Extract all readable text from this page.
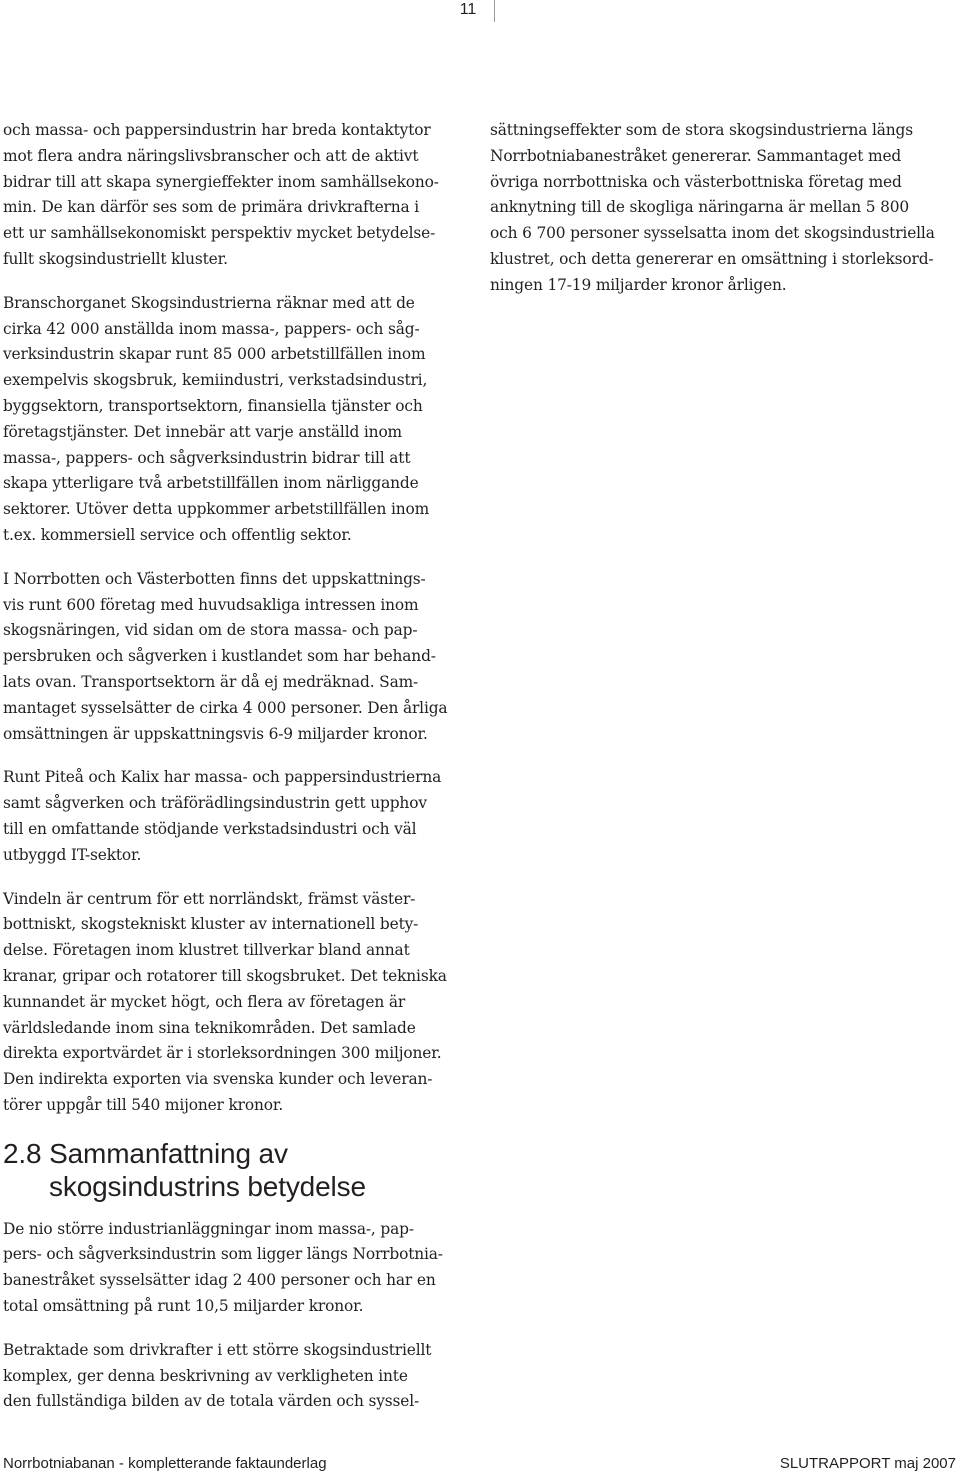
11
och massa- och pappersindustrin har breda kontaktytor
mot flera andra näringslivsbranscher och att de aktivt
bidrar till att skapa synergieffekter inom samhällsekono-
min. De kan därför ses som de primära drivkrafterna i
ett ur samhällsekonomiskt perspektiv mycket betydelse-
fullt skogsindustriellt kluster.
Branschorganet Skogsindustrierna räknar med att de
cirka 42 000 anställda inom massa-, pappers- och såg-
verksindustrin skapar runt 85 000 arbetstillfällen inom
exempelvis skogsbruk, kemiindustri, verkstadsindustri,
byggsektorn, transportsektorn, finansiella tjänster och
företagstjänster. Det innebär att varje anställd inom
massa-, pappers- och sågverksindustrin bidrar till att
skapa ytterligare två arbetstillfällen inom närliggande
sektorer. Utöver detta uppkommer arbetstillfällen inom
t.ex. kommersiell service och offentlig sektor.
I Norrbotten och Västerbotten finns det uppskattnings-
vis runt 600 företag med huvudsakliga intressen inom
skogsnäringen, vid sidan om de stora massa- och pap-
persbruken och sågverken i kustlandet som har behand-
lats ovan. Transportsektorn är då ej medräknad. Sam-
mantaget sysselsätter de cirka 4 000 personer. Den årliga
omsättningen är uppskattningsvis 6-9 miljarder kronor.
Runt Piteå och Kalix har massa- och pappersindustrierna
samt sågverken och träförädlingsindustrin gett upphov
till en omfattande stödjande verkstadsindustri och väl
utbyggd IT-sektor.
Vindeln är centrum för ett norrländskt, främst väster-
bottniskt, skogstekniskt kluster av internationell bety-
delse. Företagen inom klustret tillverkar bland annat
kranar, gripar och rotatorer till skogsbruket. Det tekniska
kunnandet är mycket högt, och flera av företagen är
världsledande inom sina teknikområden. Det samlade
direkta exportvärdet är i storleksordningen 300 miljoner.
Den indirekta exporten via svenska kunder och leveran-
törer uppgår till 540 mijoner kronor.
2.8 Sammanfattning av
skogsindustrins betydelse
De nio större industrianläggningar inom massa-, pap-
pers- och sågverksindustrin som ligger längs Norrbotnia-
banestråket sysselsätter idag 2 400 personer och har en
total omsättning på runt 10,5 miljarder kronor.
Betraktade som drivkrafter i ett större skogsindustriellt
komplex, ger denna beskrivning av verkligheten inte
den fullständiga bilden av de totala värden och syssel-
sättningseffekter som de stora skogsindustrierna längs
Norrbotniabanestråket genererar. Sammantaget med
övriga norrbottniska och västerbottniska företag med
anknytning till de skogliga näringarna är mellan 5 800
och 6 700 personer sysselsatta inom det skogsindustriella
klustret, och detta genererar en omsättning i storleksord-
ningen 17-19 miljarder kronor årligen.
Norrbotniabanan - kompletterande faktaunderlag	SLUTRAPPORT maj 2007
